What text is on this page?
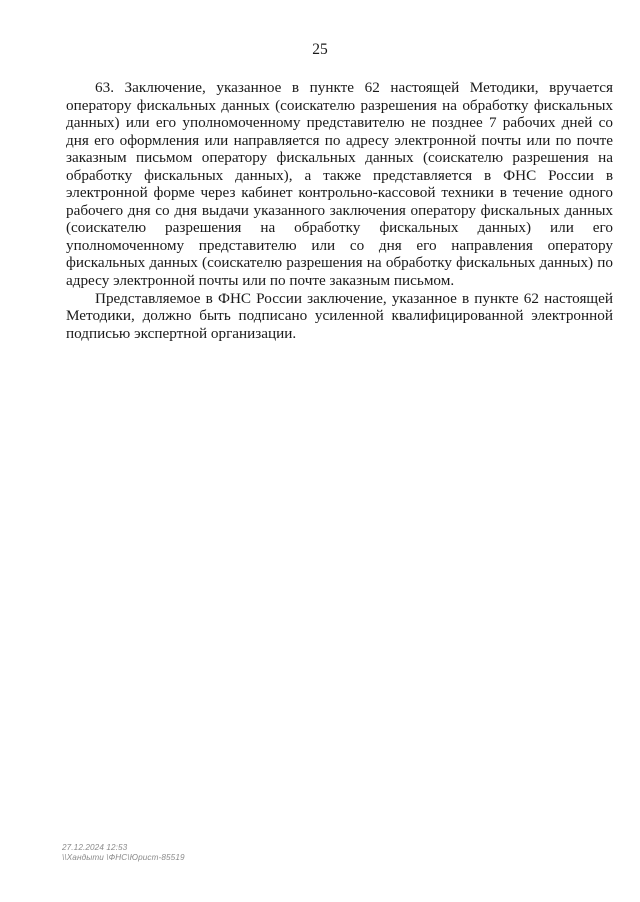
25

63. Заключение, указанное в пункте 62 настоящей Методики, вручается оператору фискальных данных (соискателю разрешения на обработку фискальных данных) или его уполномоченному представителю не позднее 7 рабочих дней со дня его оформления или направляется по адресу электронной почты или по почте заказным письмом оператору фискальных данных (соискателю разрешения на обработку фискальных данных), а также представляется в ФНС России в электронной форме через кабинет контрольно-кассовой техники в течение одного рабочего дня со дня выдачи указанного заключения оператору фискальных данных (соискателю разрешения на обработку фискальных данных) или его уполномоченному представителю или со дня его направления оператору фискальных данных (соискателю разрешения на обработку фискальных данных) по адресу электронной почты или по почте заказным письмом.

Представляемое в ФНС России заключение, указанное в пункте 62 настоящей Методики, должно быть подписано усиленной квалифицированной электронной подписью экспертной организации.

27.12.2024 12:53
\\Хандыти \ФНС\Юрист-85519
